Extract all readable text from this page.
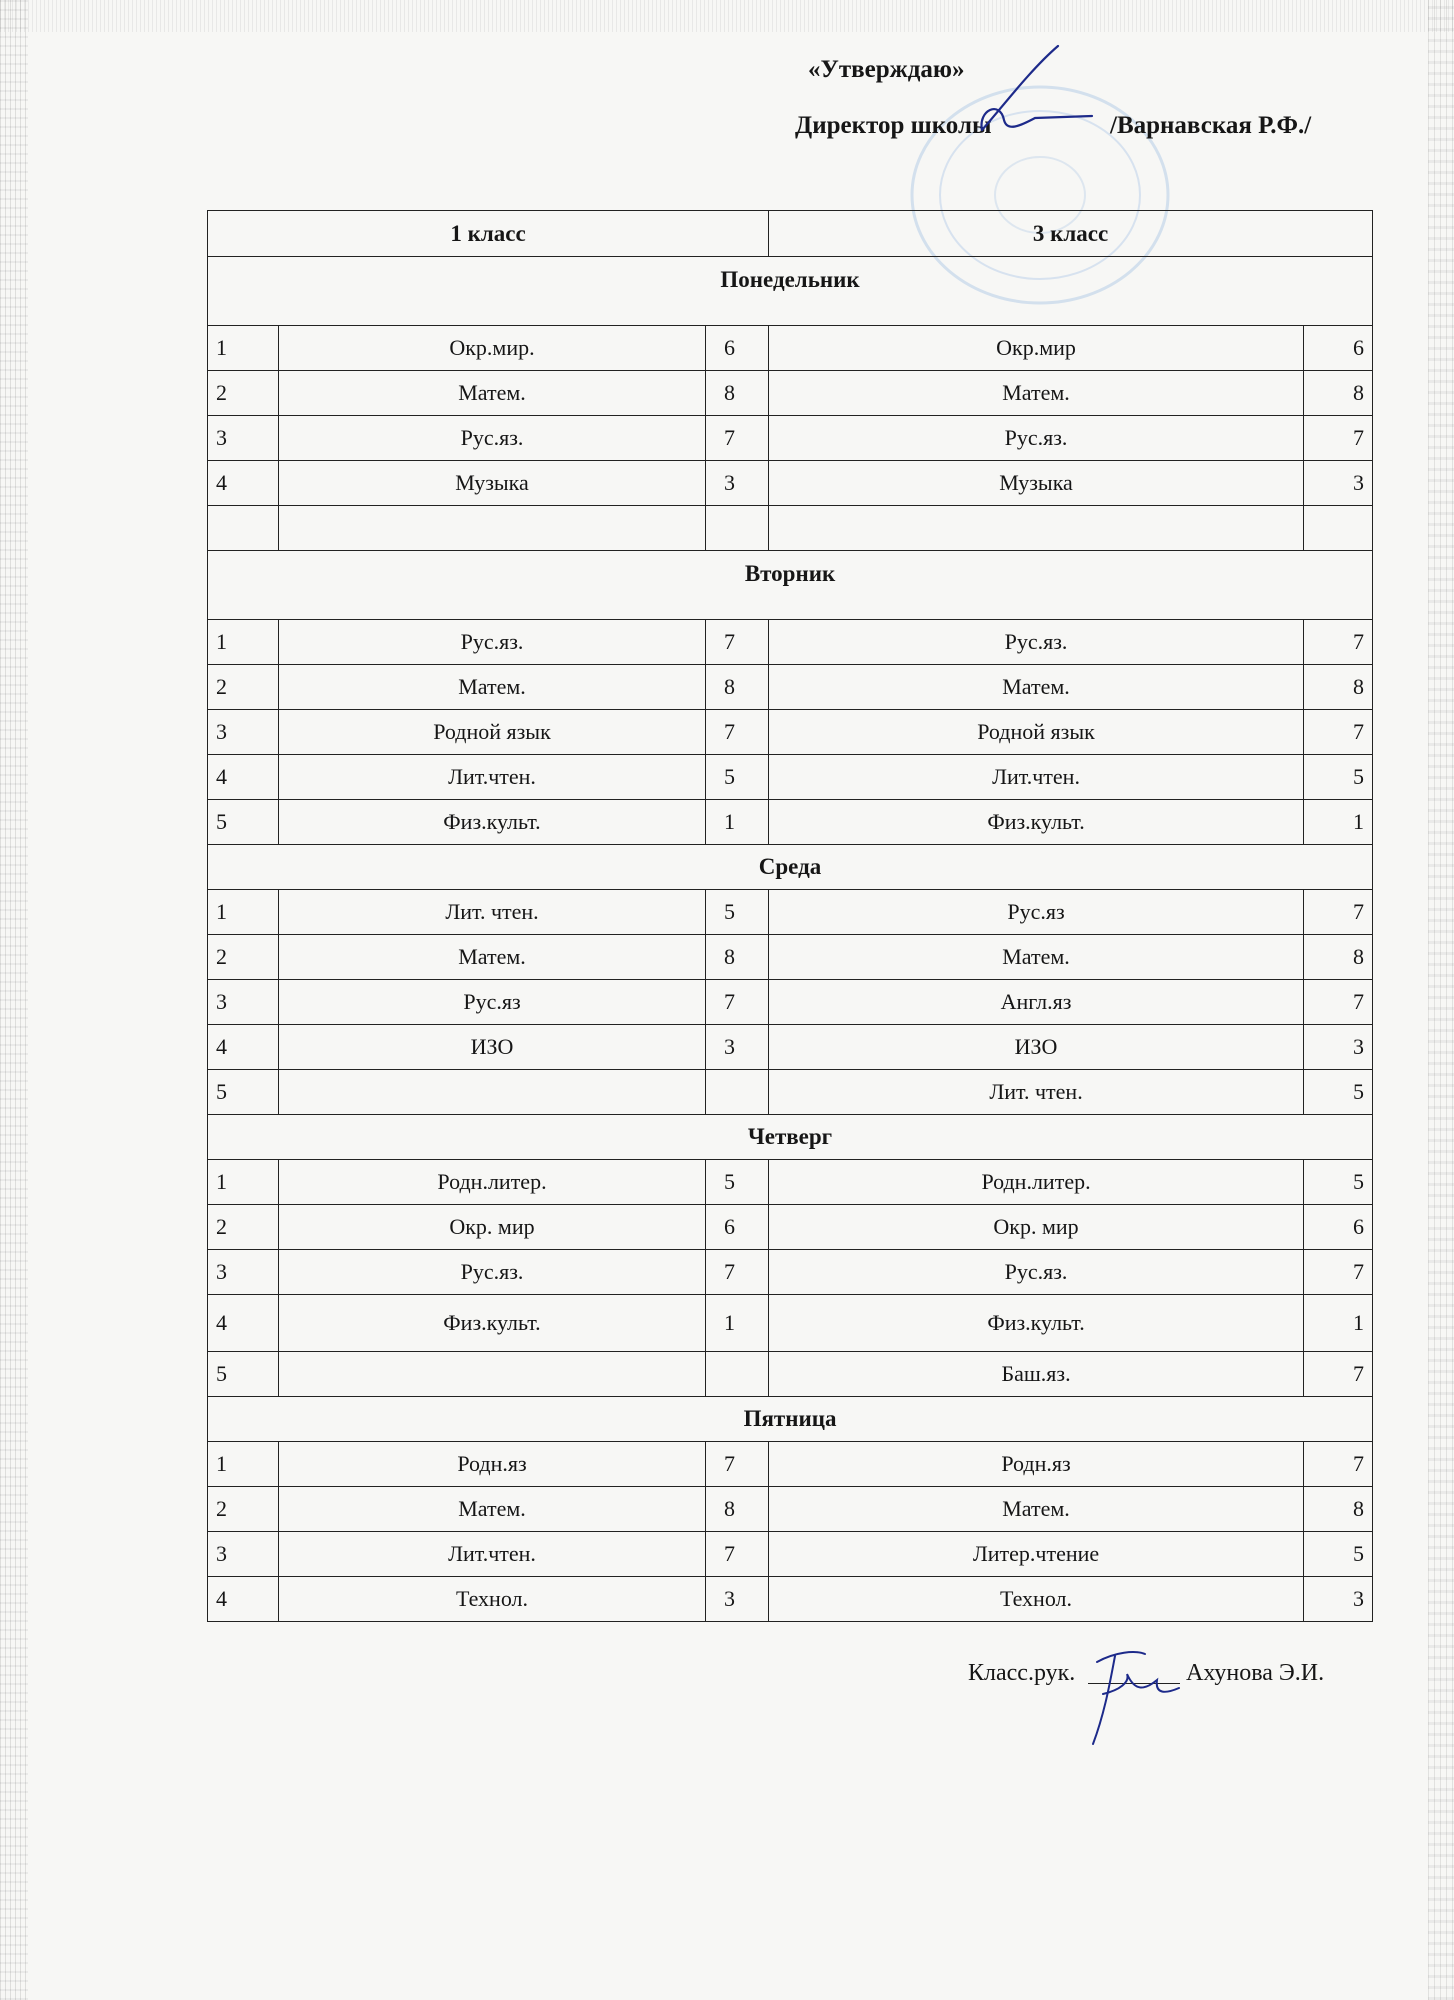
«Утверждаю»
Директор школы	/Варнавская Р.Ф./
1 класс			3 класс	
Понедельник				
1	Окр.мир.	6	Окр.мир	6
2	Матем.	8	Матем.	8
3	Рус.яз.	7	Рус.яз.	7
4	Музыка	3	Музыка	3

Вторник				
1	Рус.яз.	7	Рус.яз.	7
2	Матем.	8	Матем.	8
3	Родной язык	7	Родной язык	7
4	Лит.чтен.	5	Лит.чтен.	5
5	Физ.культ.	1	Физ.культ.	1
Среда				
1	Лит. чтен.	5	Рус.яз	7
2	Матем.	8	Матем.	8
3	Рус.яз	7	Англ.яз	7
4	ИЗО	3	ИЗО	3
5			Лит. чтен.	5
Четверг				
1	Родн.литер.	5	Родн.литер.	5
2	Окр. мир	6	Окр. мир	6
3	Рус.яз.	7	Рус.яз.	7
4	Физ.культ.	1	Физ.культ.	1
5			Баш.яз.	7
Пятница				
1	Родн.яз	7	Родн.яз	7
2	Матем.	8	Матем.	8
3	Лит.чтен.	7	Литер.чтение	5
4	Технол.	3	Технол.	3
Класс.рук.	Ахунова Э.И.
